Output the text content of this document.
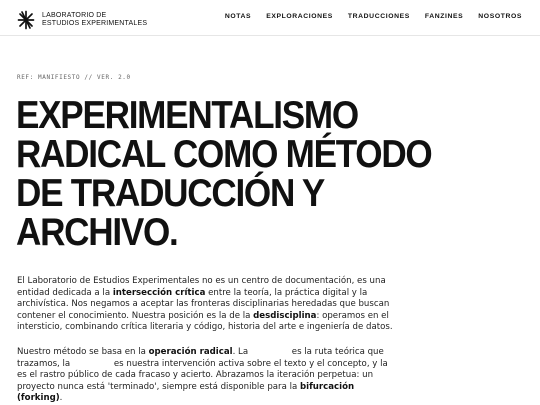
LABORATORIO DE
ESTUDIOS EXPERIMENTALES
NOTAS EXPLORACIONES TRADUCCIONES FANZINES NOSOTROS
REF: MANIFIESTO // VER. 2.0
EXPERIMENTALISMO RADICAL COMO MÉTODO DE TRADUCCIÓN Y ARCHIVO.

El Laboratorio de Estudios Experimentales no es un centro de documentación, es una entidad dedicada a la intersección crítica entre la teoría, la práctica digital y la archivística. Nos negamos a aceptar las fronteras disciplinarias heredadas que buscan contener el conocimiento. Nuestra posición es la de la desdisciplina: operamos en el intersticio, combinando crítica literaria y código, historia del arte e ingeniería de datos.

Nuestro método se basa en la operación radical. La                es la ruta teórica que trazamos, la                es nuestra intervención activa sobre el texto y el concepto, y la            es el rastro público de cada fracaso y acierto. Abrazamos la iteración perpetua: un proyecto nunca está 'terminado', siempre está disponible para la bifurcación (forking).
